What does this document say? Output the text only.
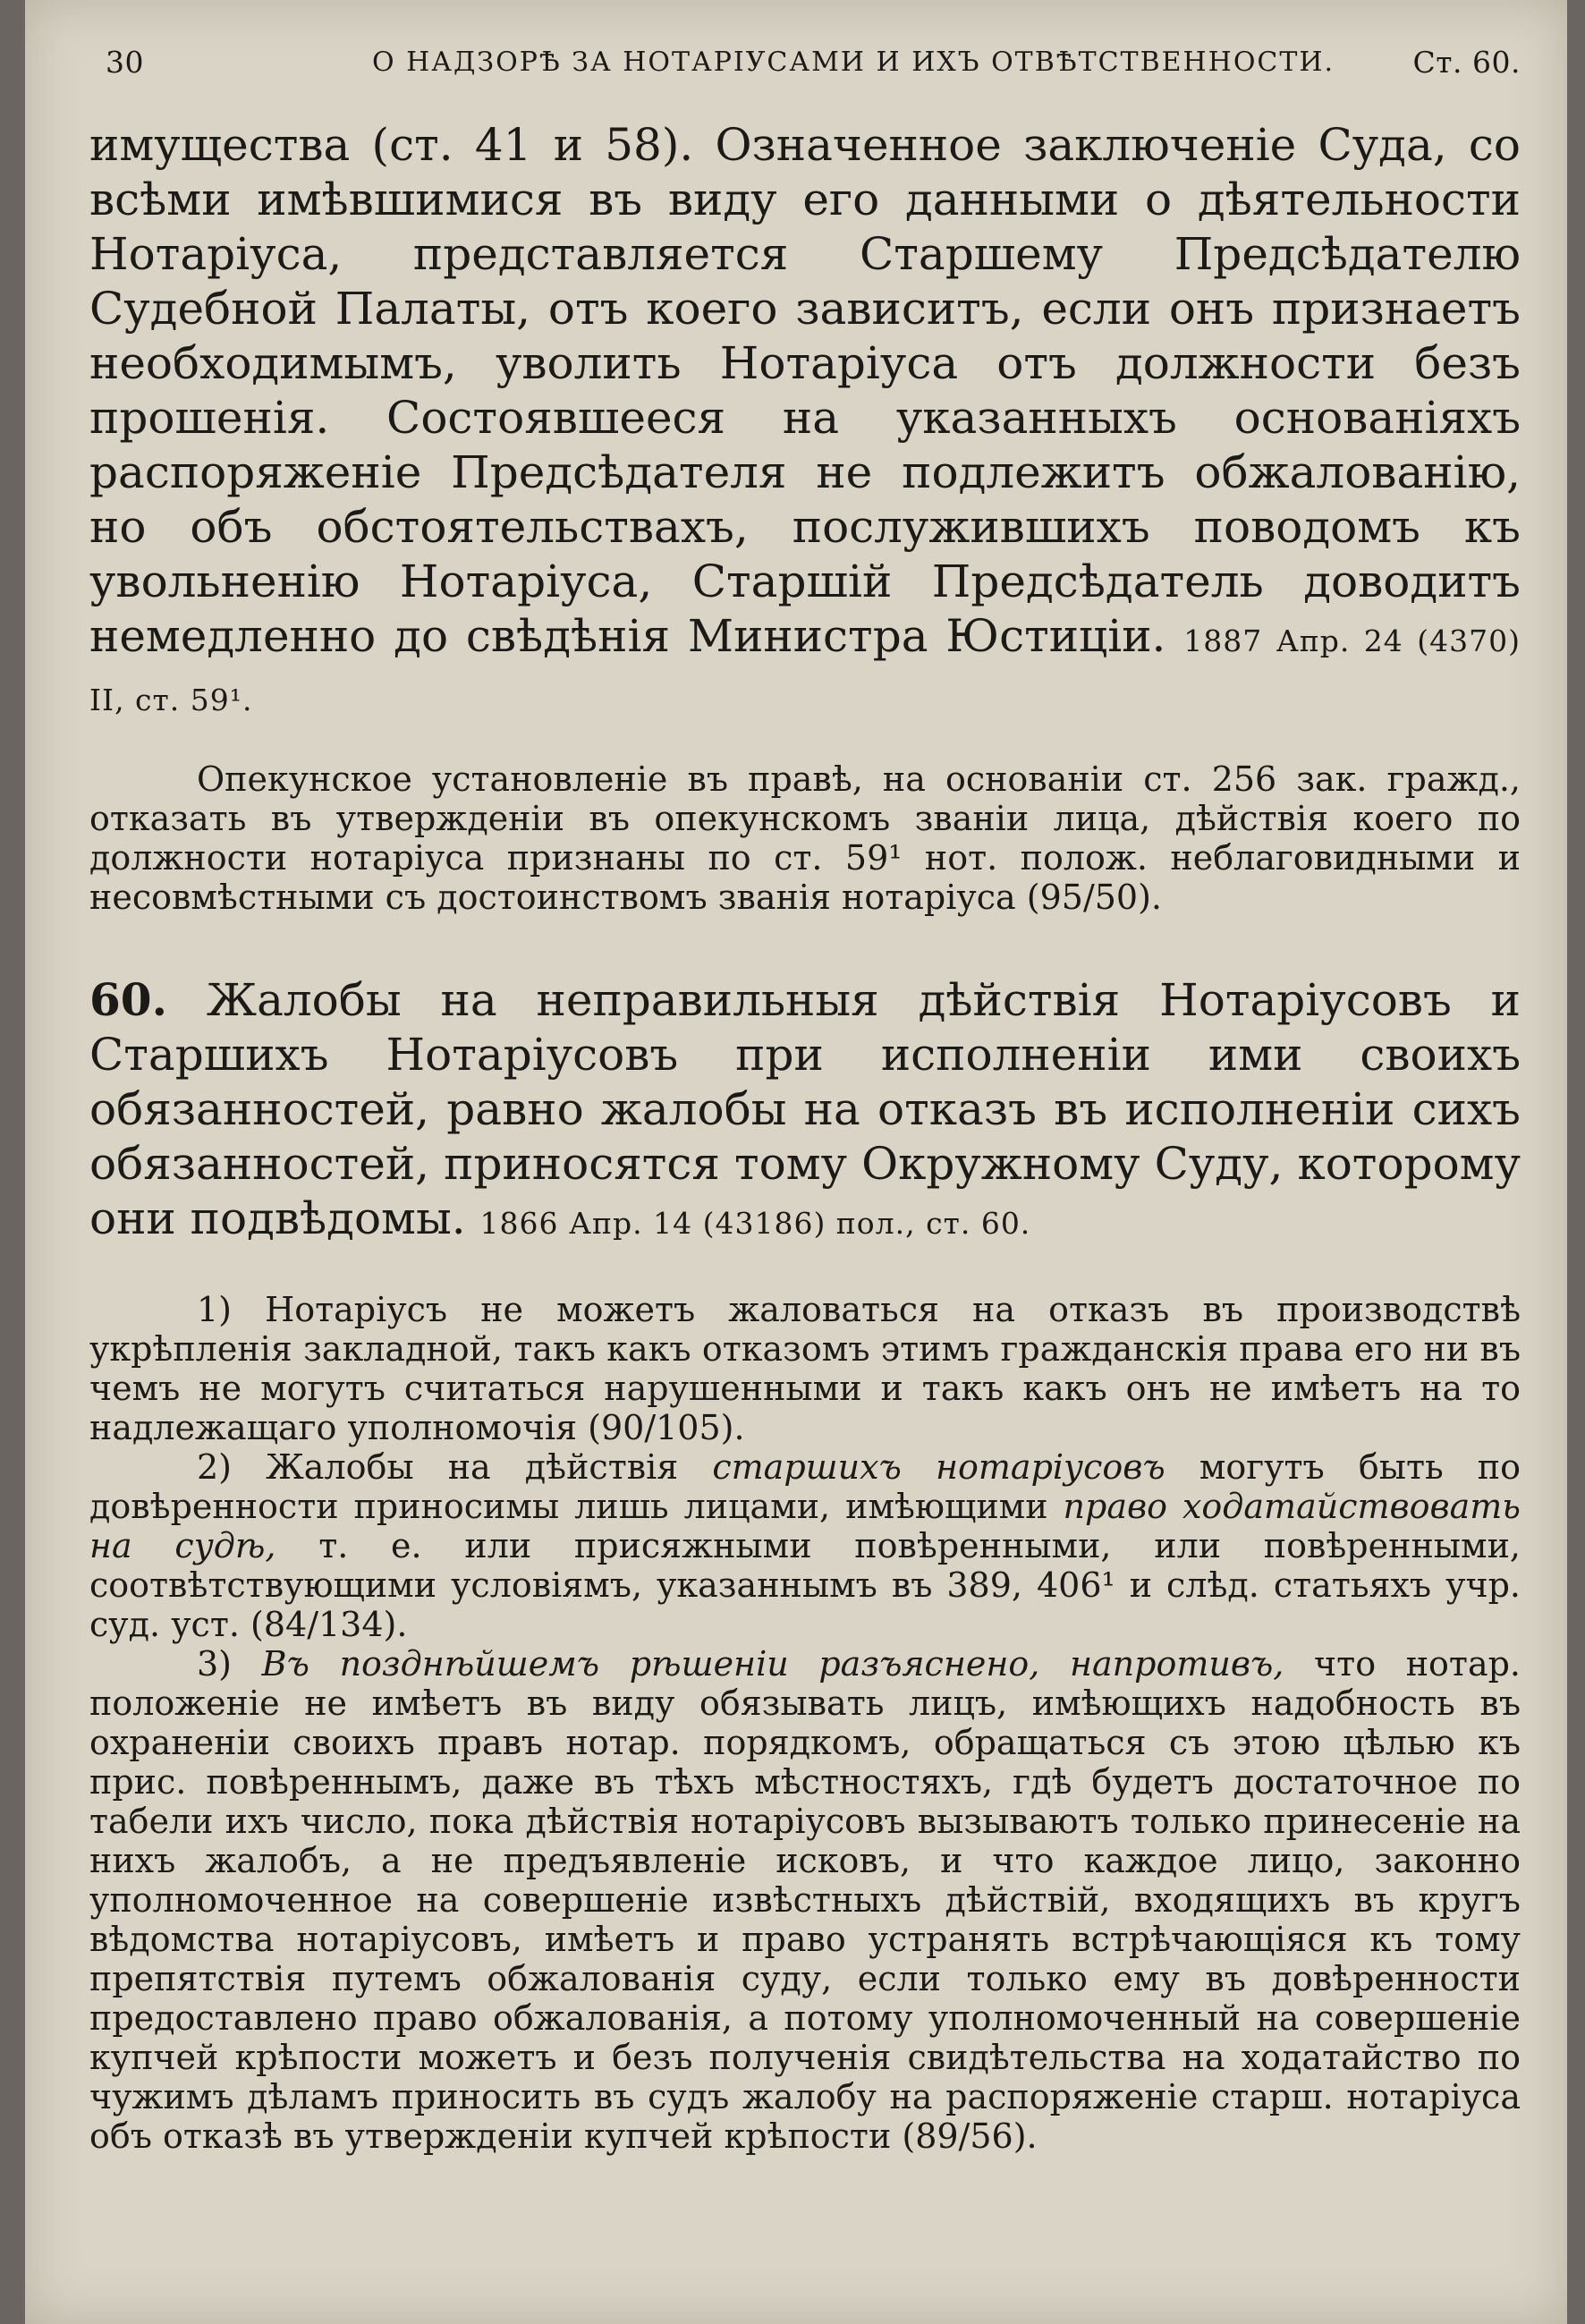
30	О НАДЗОРѢ ЗА НОТАРІУСАМИ И ИХЪ ОТВѢТСТВЕННОСТИ.	Ст. 60.

имущества (ст. 41 и 58). Означенное заключеніе Суда, со всѣми имѣвшимися въ виду его данными о дѣятельности Нотаріуса, представляется Старшему Предсѣдателю Судебной Палаты, отъ коего зависитъ, если онъ признаетъ необходимымъ, уволить Нотаріуса отъ должности безъ прошенія. Состоявшееся на указанныхъ основаніяхъ распоряженіе Предсѣдателя не подлежитъ обжалованію, но объ обстоятельствахъ, послужившихъ поводомъ къ увольненію Нотаріуса, Старшій Предсѣдатель доводитъ немедленно до свѣдѣнія Министра Юстиціи. 1887 Апр. 24 (4370) II, ст. 59¹.

Опекунское установленіе въ правѣ, на основаніи ст. 256 зак. гражд., отказать въ утвержденіи въ опекунскомъ званіи лица, дѣйствія коего по должности нотаріуса признаны по ст. 59¹ нот. полож. неблаговидными и несовмѣстными съ достоинствомъ званія нотаріуса (95/50).

60. Жалобы на неправильныя дѣйствія Нотаріусовъ и Старшихъ Нотаріусовъ при исполненіи ими своихъ обязанностей, равно жалобы на отказъ въ исполненіи сихъ обязанностей, приносятся тому Окружному Суду, которому они подвѣдомы. 1866 Апр. 14 (43186) пол., ст. 60.

1) Нотаріусъ не можетъ жаловаться на отказъ въ производствѣ укрѣпленія закладной, такъ какъ отказомъ этимъ гражданскія права его ни въ чемъ не могутъ считаться нарушенными и такъ какъ онъ не имѣетъ на то надлежащаго уполномочія (90/105).

2) Жалобы на дѣйствія старшихъ нотаріусовъ могутъ быть по довѣренности приносимы лишь лицами, имѣющими право ходатайствовать на судѣ, т. е. или присяжными повѣренными, или повѣренными, соотвѣтствующими условіямъ, указаннымъ въ 389, 406¹ и слѣд. статьяхъ учр. суд. уст. (84/134).

3) Въ позднѣйшемъ рѣшеніи разъяснено, напротивъ, что нотар. положеніе не имѣетъ въ виду обязывать лицъ, имѣющихъ надобность въ охраненіи своихъ правъ нотар. порядкомъ, обращаться съ этою цѣлью къ прис. повѣреннымъ, даже въ тѣхъ мѣстностяхъ, гдѣ будетъ достаточное по табели ихъ число, пока дѣйствія нотаріусовъ вызываютъ только принесеніе на нихъ жалобъ, а не предъявленіе исковъ, и что каждое лицо, законно уполномоченное на совершеніе извѣстныхъ дѣйствій, входящихъ въ кругъ вѣдомства нотаріусовъ, имѣетъ и право устранять встрѣчающіяся къ тому препятствія путемъ обжалованія суду, если только ему въ довѣренности предоставлено право обжалованія, а потому уполномоченный на совершеніе купчей крѣпости можетъ и безъ полученія свидѣтельства на ходатайство по чужимъ дѣламъ приносить въ судъ жалобу на распоряженіе старш. нотаріуса объ отказѣ въ утвержденіи купчей крѣпости (89/56).
